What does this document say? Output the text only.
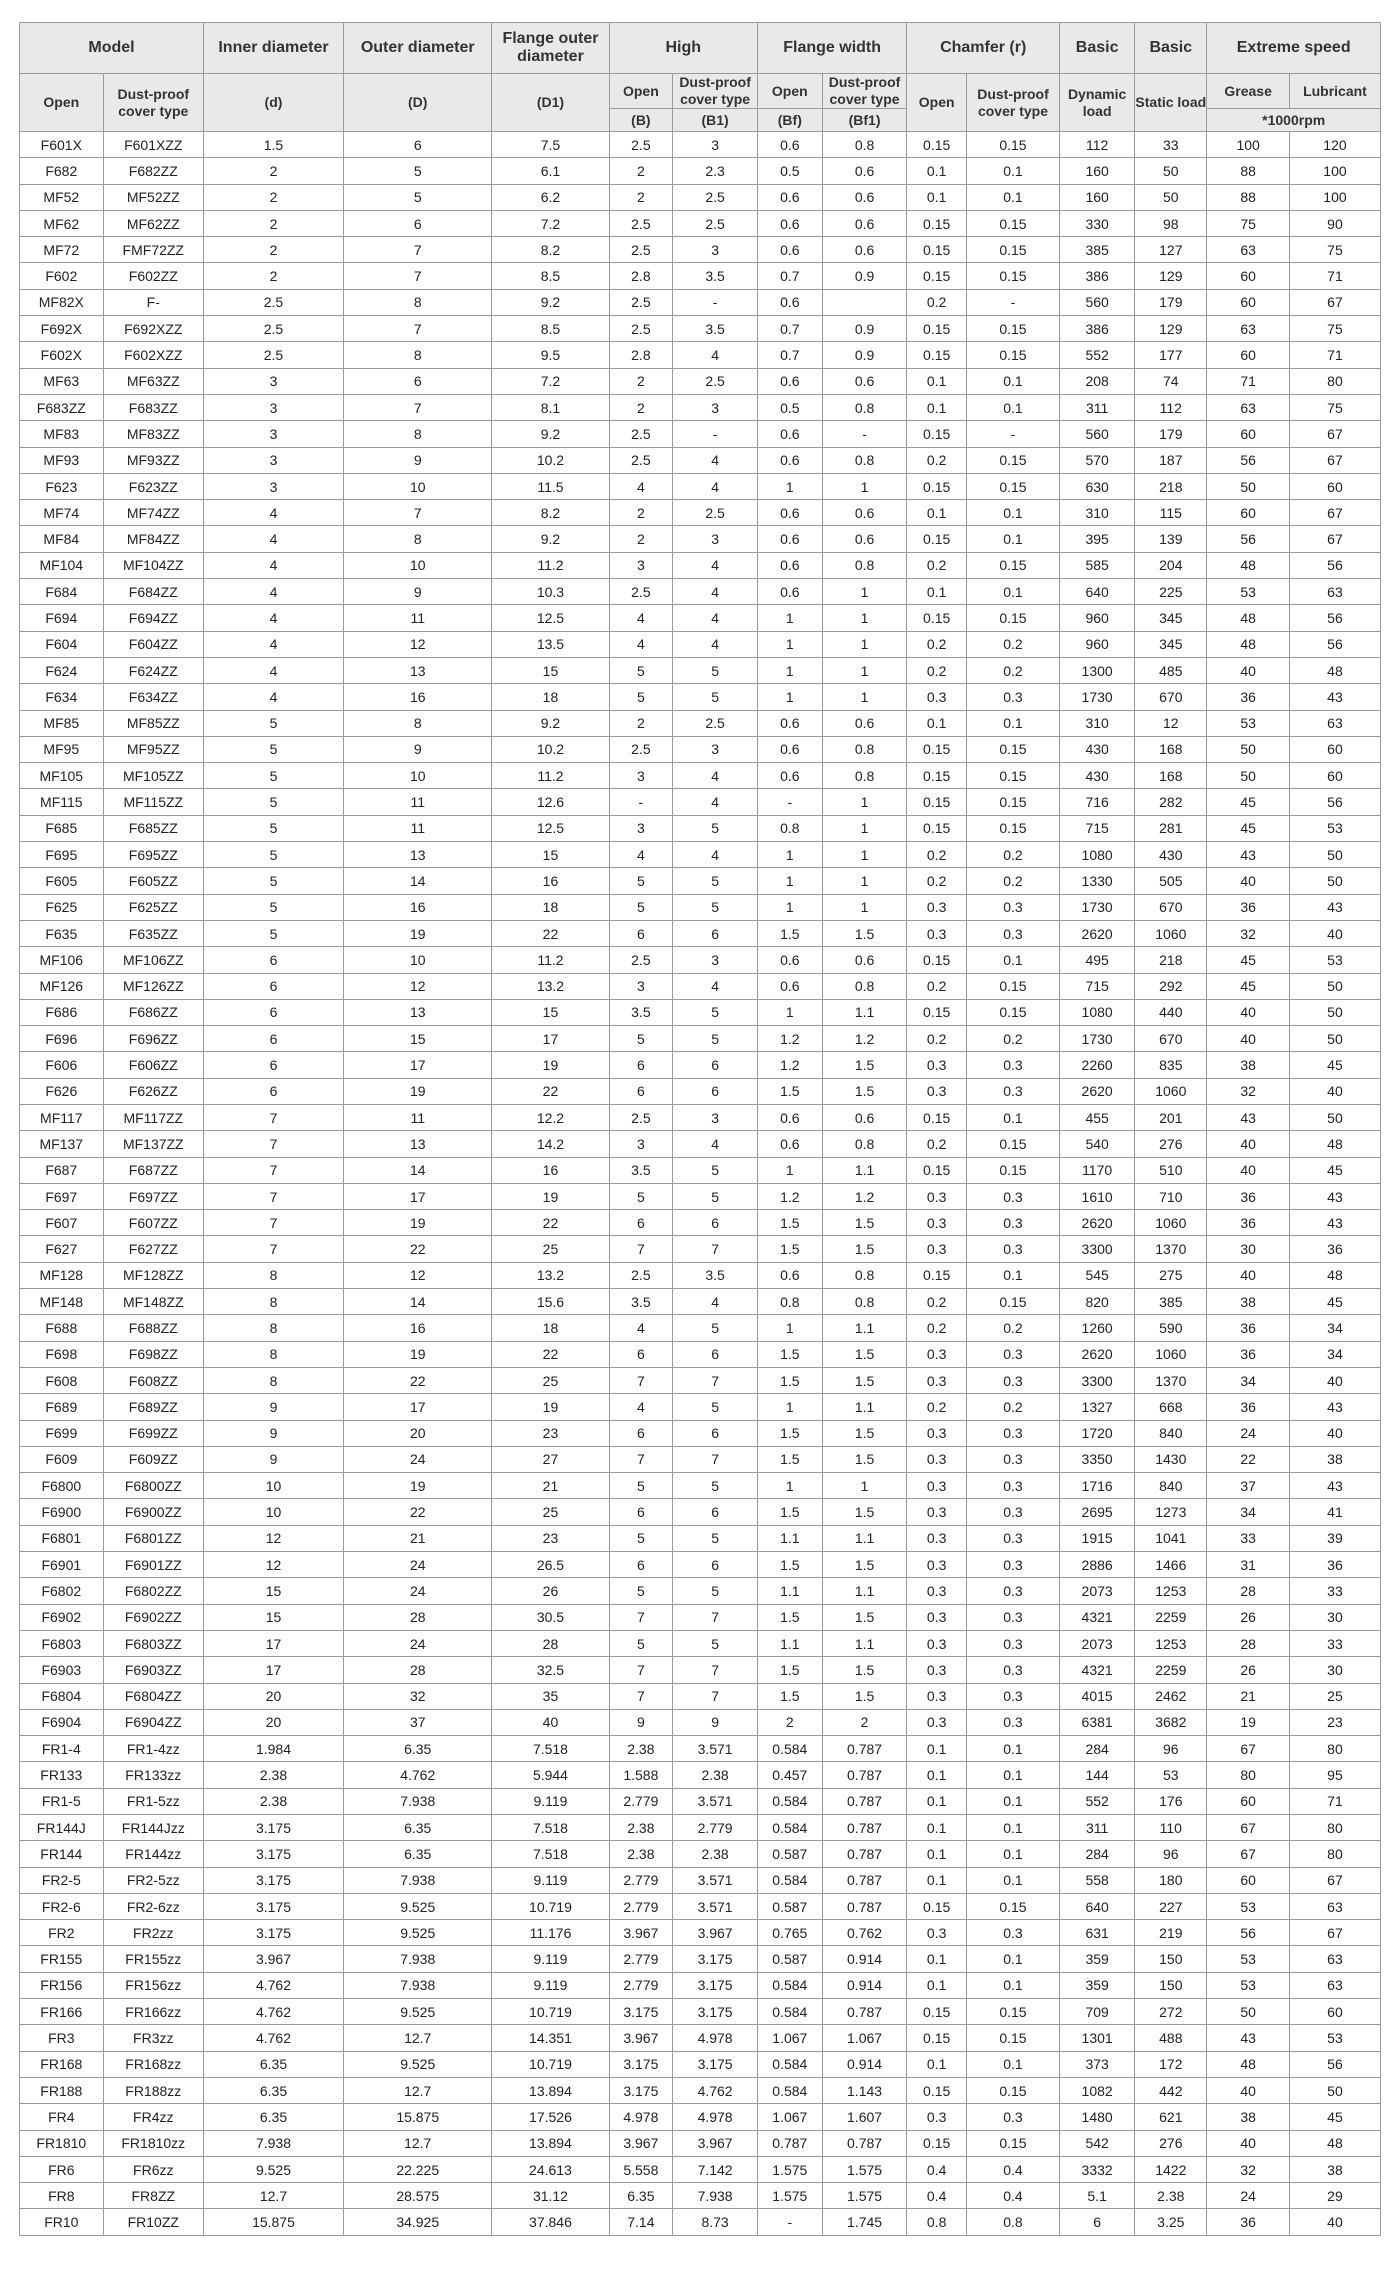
Model		Inner diameter	Outer diameter	Flange outer diameter	High		Flange width		Chamfer (r)		Basic	Basic	Extreme speed	
Open	Dust-proof cover type	(d)	(D)	(D1)	Open	Dust-proof cover type	Open	Dust-proof cover type	Open	Dust-proof cover type	Dynamic load	Static load	Grease	Lubricant
					(B)	(B1)	(Bf)	(Bf1)					*1000rpm	
F601X	F601XZZ	1.5	6	7.5	2.5	3	0.6	0.8	0.15	0.15	112	33	100	120
F682	F682ZZ	2	5	6.1	2	2.3	0.5	0.6	0.1	0.1	160	50	88	100
MF52	MF52ZZ	2	5	6.2	2	2.5	0.6	0.6	0.1	0.1	160	50	88	100
MF62	MF62ZZ	2	6	7.2	2.5	2.5	0.6	0.6	0.15	0.15	330	98	75	90
MF72	FMF72ZZ	2	7	8.2	2.5	3	0.6	0.6	0.15	0.15	385	127	63	75
F602	F602ZZ	2	7	8.5	2.8	3.5	0.7	0.9	0.15	0.15	386	129	60	71
MF82X	F-	2.5	8	9.2	2.5	-	0.6		0.2	-	560	179	60	67
F692X	F692XZZ	2.5	7	8.5	2.5	3.5	0.7	0.9	0.15	0.15	386	129	63	75
F602X	F602XZZ	2.5	8	9.5	2.8	4	0.7	0.9	0.15	0.15	552	177	60	71
MF63	MF63ZZ	3	6	7.2	2	2.5	0.6	0.6	0.1	0.1	208	74	71	80
F683ZZ	F683ZZ	3	7	8.1	2	3	0.5	0.8	0.1	0.1	311	112	63	75
MF83	MF83ZZ	3	8	9.2	2.5	-	0.6	-	0.15	-	560	179	60	67
MF93	MF93ZZ	3	9	10.2	2.5	4	0.6	0.8	0.2	0.15	570	187	56	67
F623	F623ZZ	3	10	11.5	4	4	1	1	0.15	0.15	630	218	50	60
MF74	MF74ZZ	4	7	8.2	2	2.5	0.6	0.6	0.1	0.1	310	115	60	67
MF84	MF84ZZ	4	8	9.2	2	3	0.6	0.6	0.15	0.1	395	139	56	67
MF104	MF104ZZ	4	10	11.2	3	4	0.6	0.8	0.2	0.15	585	204	48	56
F684	F684ZZ	4	9	10.3	2.5	4	0.6	1	0.1	0.1	640	225	53	63
F694	F694ZZ	4	11	12.5	4	4	1	1	0.15	0.15	960	345	48	56
F604	F604ZZ	4	12	13.5	4	4	1	1	0.2	0.2	960	345	48	56
F624	F624ZZ	4	13	15	5	5	1	1	0.2	0.2	1300	485	40	48
F634	F634ZZ	4	16	18	5	5	1	1	0.3	0.3	1730	670	36	43
MF85	MF85ZZ	5	8	9.2	2	2.5	0.6	0.6	0.1	0.1	310	12	53	63
MF95	MF95ZZ	5	9	10.2	2.5	3	0.6	0.8	0.15	0.15	430	168	50	60
MF105	MF105ZZ	5	10	11.2	3	4	0.6	0.8	0.15	0.15	430	168	50	60
MF115	MF115ZZ	5	11	12.6	-	4	-	1	0.15	0.15	716	282	45	56
F685	F685ZZ	5	11	12.5	3	5	0.8	1	0.15	0.15	715	281	45	53
F695	F695ZZ	5	13	15	4	4	1	1	0.2	0.2	1080	430	43	50
F605	F605ZZ	5	14	16	5	5	1	1	0.2	0.2	1330	505	40	50
F625	F625ZZ	5	16	18	5	5	1	1	0.3	0.3	1730	670	36	43
F635	F635ZZ	5	19	22	6	6	1.5	1.5	0.3	0.3	2620	1060	32	40
MF106	MF106ZZ	6	10	11.2	2.5	3	0.6	0.6	0.15	0.1	495	218	45	53
MF126	MF126ZZ	6	12	13.2	3	4	0.6	0.8	0.2	0.15	715	292	45	50
F686	F686ZZ	6	13	15	3.5	5	1	1.1	0.15	0.15	1080	440	40	50
F696	F696ZZ	6	15	17	5	5	1.2	1.2	0.2	0.2	1730	670	40	50
F606	F606ZZ	6	17	19	6	6	1.2	1.5	0.3	0.3	2260	835	38	45
F626	F626ZZ	6	19	22	6	6	1.5	1.5	0.3	0.3	2620	1060	32	40
MF117	MF117ZZ	7	11	12.2	2.5	3	0.6	0.6	0.15	0.1	455	201	43	50
MF137	MF137ZZ	7	13	14.2	3	4	0.6	0.8	0.2	0.15	540	276	40	48
F687	F687ZZ	7	14	16	3.5	5	1	1.1	0.15	0.15	1170	510	40	45
F697	F697ZZ	7	17	19	5	5	1.2	1.2	0.3	0.3	1610	710	36	43
F607	F607ZZ	7	19	22	6	6	1.5	1.5	0.3	0.3	2620	1060	36	43
F627	F627ZZ	7	22	25	7	7	1.5	1.5	0.3	0.3	3300	1370	30	36
MF128	MF128ZZ	8	12	13.2	2.5	3.5	0.6	0.8	0.15	0.1	545	275	40	48
MF148	MF148ZZ	8	14	15.6	3.5	4	0.8	0.8	0.2	0.15	820	385	38	45
F688	F688ZZ	8	16	18	4	5	1	1.1	0.2	0.2	1260	590	36	34
F698	F698ZZ	8	19	22	6	6	1.5	1.5	0.3	0.3	2620	1060	36	34
F608	F608ZZ	8	22	25	7	7	1.5	1.5	0.3	0.3	3300	1370	34	40
F689	F689ZZ	9	17	19	4	5	1	1.1	0.2	0.2	1327	668	36	43
F699	F699ZZ	9	20	23	6	6	1.5	1.5	0.3	0.3	1720	840	24	40
F609	F609ZZ	9	24	27	7	7	1.5	1.5	0.3	0.3	3350	1430	22	38
F6800	F6800ZZ	10	19	21	5	5	1	1	0.3	0.3	1716	840	37	43
F6900	F6900ZZ	10	22	25	6	6	1.5	1.5	0.3	0.3	2695	1273	34	41
F6801	F6801ZZ	12	21	23	5	5	1.1	1.1	0.3	0.3	1915	1041	33	39
F6901	F6901ZZ	12	24	26.5	6	6	1.5	1.5	0.3	0.3	2886	1466	31	36
F6802	F6802ZZ	15	24	26	5	5	1.1	1.1	0.3	0.3	2073	1253	28	33
F6902	F6902ZZ	15	28	30.5	7	7	1.5	1.5	0.3	0.3	4321	2259	26	30
F6803	F6803ZZ	17	24	28	5	5	1.1	1.1	0.3	0.3	2073	1253	28	33
F6903	F6903ZZ	17	28	32.5	7	7	1.5	1.5	0.3	0.3	4321	2259	26	30
F6804	F6804ZZ	20	32	35	7	7	1.5	1.5	0.3	0.3	4015	2462	21	25
F6904	F6904ZZ	20	37	40	9	9	2	2	0.3	0.3	6381	3682	19	23
FR1-4	FR1-4zz	1.984	6.35	7.518	2.38	3.571	0.584	0.787	0.1	0.1	284	96	67	80
FR133	FR133zz	2.38	4.762	5.944	1.588	2.38	0.457	0.787	0.1	0.1	144	53	80	95
FR1-5	FR1-5zz	2.38	7.938	9.119	2.779	3.571	0.584	0.787	0.1	0.1	552	176	60	71
FR144J	FR144Jzz	3.175	6.35	7.518	2.38	2.779	0.584	0.787	0.1	0.1	311	110	67	80
FR144	FR144zz	3.175	6.35	7.518	2.38	2.38	0.587	0.787	0.1	0.1	284	96	67	80
FR2-5	FR2-5zz	3.175	7.938	9.119	2.779	3.571	0.584	0.787	0.1	0.1	558	180	60	67
FR2-6	FR2-6zz	3.175	9.525	10.719	2.779	3.571	0.587	0.787	0.15	0.15	640	227	53	63
FR2	FR2zz	3.175	9.525	11.176	3.967	3.967	0.765	0.762	0.3	0.3	631	219	56	67
FR155	FR155zz	3.967	7.938	9.119	2.779	3.175	0.587	0.914	0.1	0.1	359	150	53	63
FR156	FR156zz	4.762	7.938	9.119	2.779	3.175	0.584	0.914	0.1	0.1	359	150	53	63
FR166	FR166zz	4.762	9.525	10.719	3.175	3.175	0.584	0.787	0.15	0.15	709	272	50	60
FR3	FR3zz	4.762	12.7	14.351	3.967	4.978	1.067	1.067	0.15	0.15	1301	488	43	53
FR168	FR168zz	6.35	9.525	10.719	3.175	3.175	0.584	0.914	0.1	0.1	373	172	48	56
FR188	FR188zz	6.35	12.7	13.894	3.175	4.762	0.584	1.143	0.15	0.15	1082	442	40	50
FR4	FR4zz	6.35	15.875	17.526	4.978	4.978	1.067	1.607	0.3	0.3	1480	621	38	45
FR1810	FR1810zz	7.938	12.7	13.894	3.967	3.967	0.787	0.787	0.15	0.15	542	276	40	48
FR6	FR6zz	9.525	22.225	24.613	5.558	7.142	1.575	1.575	0.4	0.4	3332	1422	32	38
FR8	FR8ZZ	12.7	28.575	31.12	6.35	7.938	1.575	1.575	0.4	0.4	5.1	2.38	24	29
FR10	FR10ZZ	15.875	34.925	37.846	7.14	8.73	-	1.745	0.8	0.8	6	3.25	36	40
